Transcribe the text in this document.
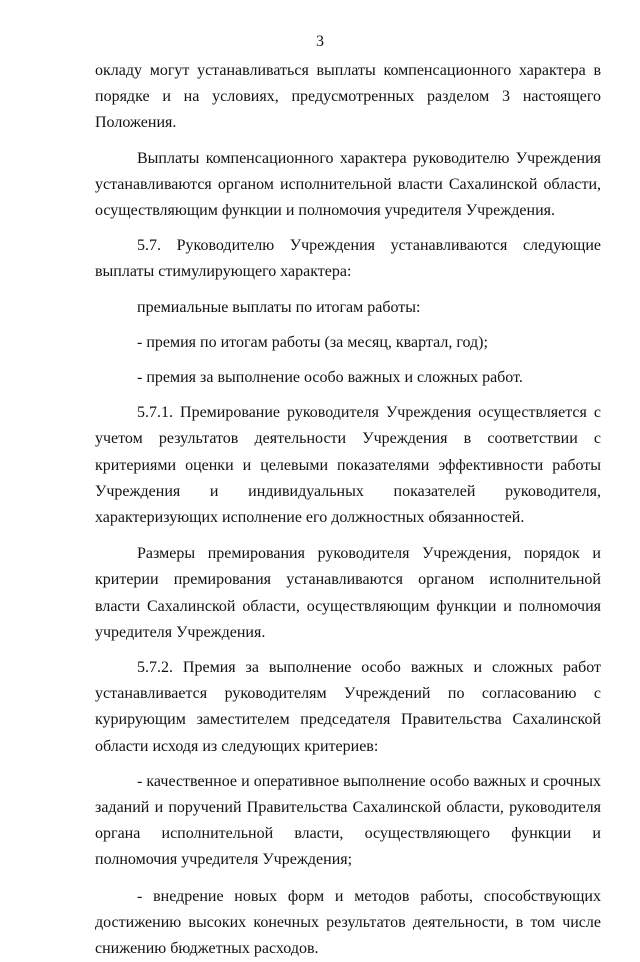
3

окладу могут устанавливаться выплаты компенсационного характера в порядке и на условиях, предусмотренных разделом 3 настоящего Положения.

Выплаты компенсационного характера руководителю Учреждения устанавливаются органом исполнительной власти Сахалинской области, осуществляющим функции и полномочия учредителя Учреждения.

5.7. Руководителю Учреждения устанавливаются следующие выплаты стимулирующего характера:

премиальные выплаты по итогам работы:

- премия по итогам работы (за месяц, квартал, год);

- премия за выполнение особо важных и сложных работ.

5.7.1. Премирование руководителя Учреждения осуществляется с учетом результатов деятельности Учреждения в соответствии с критериями оценки и целевыми показателями эффективности работы Учреждения и индивидуальных показателей руководителя, характеризующих исполнение его должностных обязанностей.

Размеры премирования руководителя Учреждения, порядок и критерии премирования устанавливаются органом исполнительной власти Сахалинской области, осуществляющим функции и полномочия учредителя Учреждения.

5.7.2. Премия за выполнение особо важных и сложных работ устанавливается руководителям Учреждений по согласованию с курирующим заместителем председателя Правительства Сахалинской области исходя из следующих критериев:

- качественное и оперативное выполнение особо важных и срочных заданий и поручений Правительства Сахалинской области, руководителя органа исполнительной власти, осуществляющего функции и полномочия учредителя Учреждения;

- внедрение новых форм и методов работы, способствующих достижению высоких конечных результатов деятельности, в том числе снижению бюджетных расходов.
